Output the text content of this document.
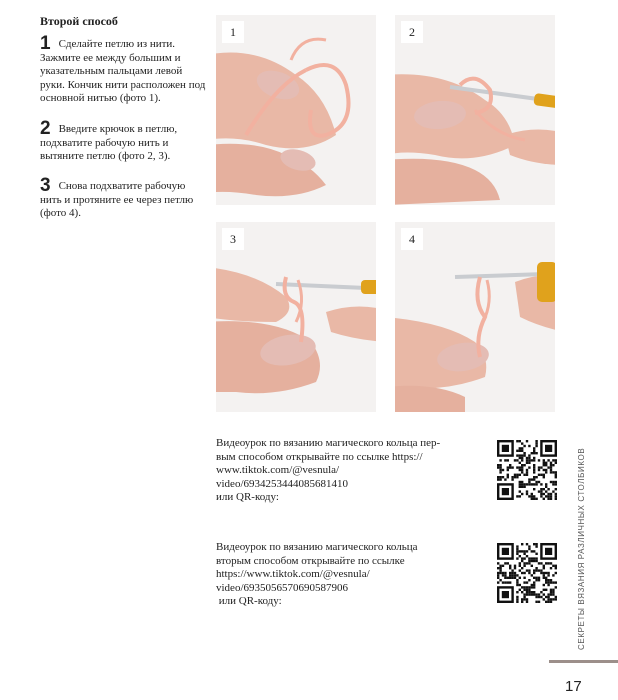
Второй способ
1 Сделайте петлю из нити. Зажмите ее между большим и указательным пальцами левой руки. Кончик нити расположен под основной нитью (фото 1).
2 Введите крючок в петлю, подхватите рабочую нить и вытяните петлю (фото 2, 3).
3 Снова подхватите рабочую нить и протяните ее через петлю (фото 4).
1	2
3	4
Видеоурок по вязанию магического кольца пер-
вым способом открывайте по ссылке https://
www.tiktok.com/@vesnula/
video/6934253444085681410
или QR-коду:
Видеоурок по вязанию магического кольца
вторым способом открывайте по ссылке
https://www.tiktok.com/@vesnula/
video/6935056570690587906
или QR-коду:	СЕКРЕТЫ ВЯЗАНИЯ РАЗЛИЧНЫХ СТОЛБИКОВ
17
